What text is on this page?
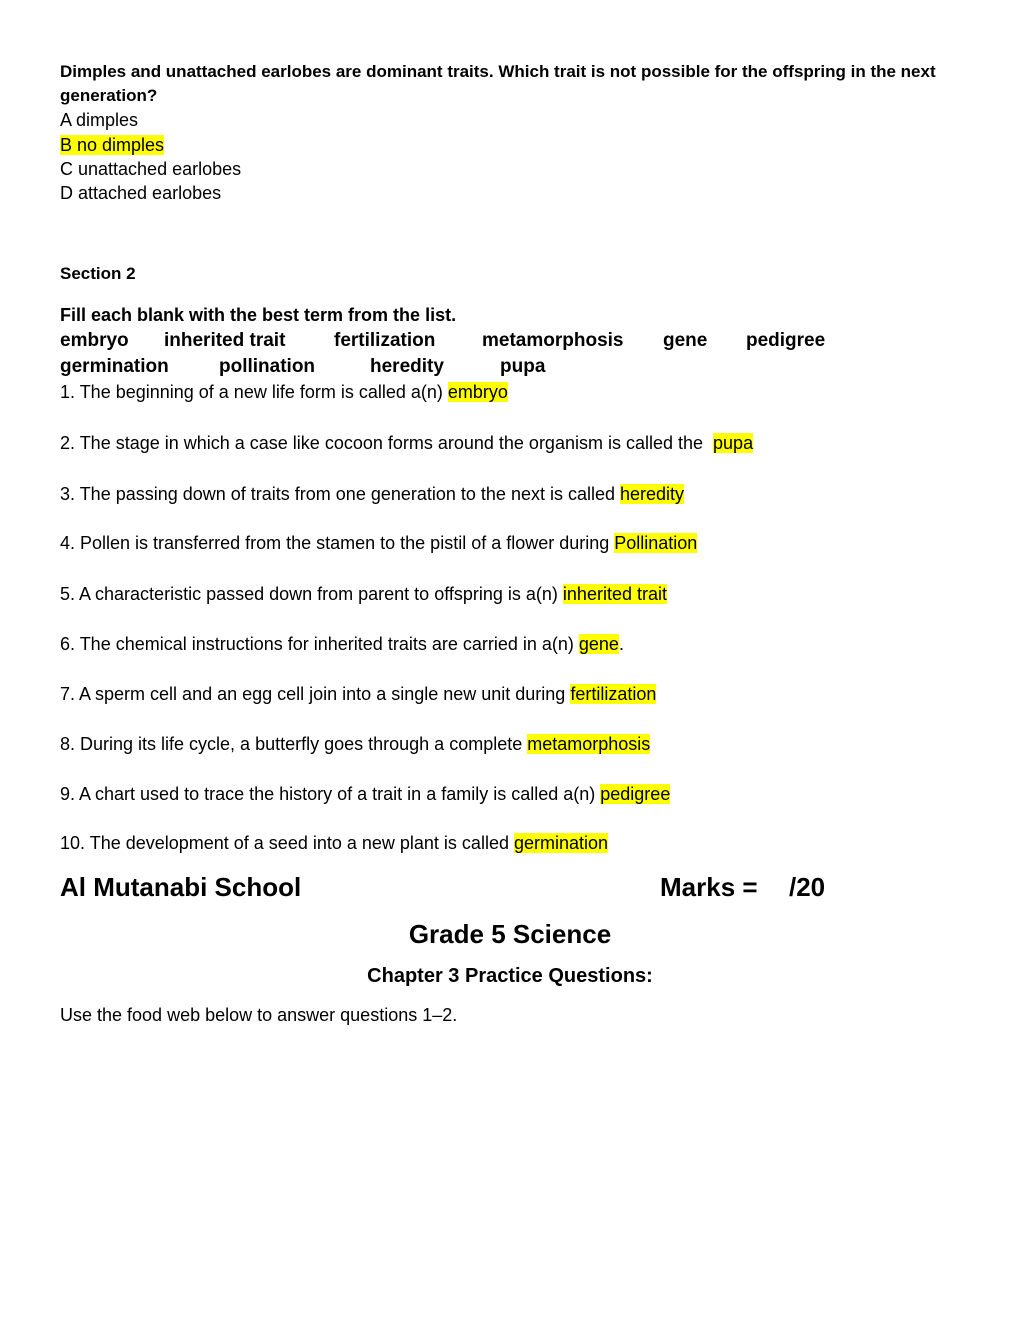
Dimples and unattached earlobes are dominant traits. Which trait is not possible for the offspring in the next generation?
A dimples
B no dimples
C unattached earlobes
D attached earlobes
Section 2
Fill each blank with the best term from the list.
embryo inherited trait	fertilization metamorphosis gene pedigree
germination	pollination	heredity	pupa
1. The beginning of a new life form is called a(n) embryo
2. The stage in which a case like cocoon forms around the organism is called the  pupa
3. The passing down of traits from one generation to the next is called heredity
4. Pollen is transferred from the stamen to the pistil of a flower during Pollination
5. A characteristic passed down from parent to offspring is a(n) inherited trait
6. The chemical instructions for inherited traits are carried in a(n) gene.
7. A sperm cell and an egg cell join into a single new unit during fertilization
8. During its life cycle, a butterfly goes through a complete metamorphosis
9. A chart used to trace the history of a trait in a family is called a(n) pedigree
10. The development of a seed into a new plant is called germination
Al Mutanabi School	Marks = /20
Grade 5 Science
Chapter 3 Practice Questions:
Use the food web below to answer questions 1–2.
